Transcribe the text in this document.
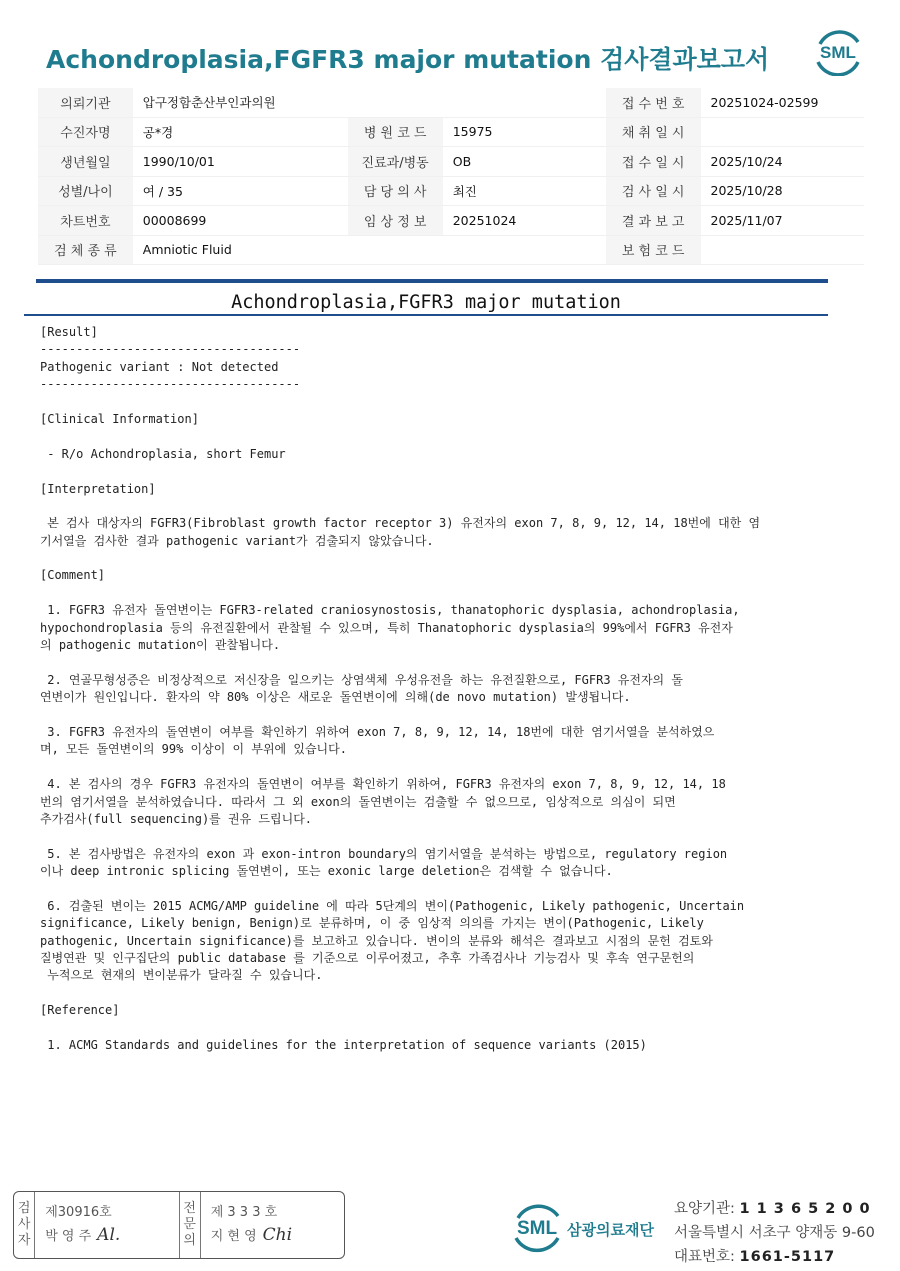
Achondroplasia,FGFR3 major mutation 검사결과보고서	SML
의뢰기관	압구정함춘산부인과의원			접 수 번 호	20251024-02599
수진자명	공*경	병 원 코 드	15975	채 취 일 시	
생년월일	1990/10/01	진료과/병동	OB	접 수 일 시	2025/10/24
성별/나이	여 / 35	담 당 의 사	최진	검 사 일 시	2025/10/28
차트번호	00008699	임 상 정 보	20251024	결 과 보 고	2025/11/07
검 체 종 류	Amniotic Fluid			보 험 코 드	
Achondroplasia,FGFR3 major mutation
[Result]
------------------------------------
Pathogenic variant : Not detected
------------------------------------
[Clinical Information]
- R/o Achondroplasia, short Femur
[Interpretation]
본 검사 대상자의 FGFR3(Fibroblast growth factor receptor 3) 유전자의 exon 7, 8, 9, 12, 14, 18번에 대한 염
기서열을 검사한 결과 pathogenic variant가 검출되지 않았습니다.
[Comment]
1. FGFR3 유전자 돌연변이는 FGFR3-related craniosynostosis, thanatophoric dysplasia, achondroplasia,
hypochondroplasia 등의 유전질환에서 관찰될 수 있으며, 특히 Thanatophoric dysplasia의 99%에서 FGFR3 유전자
의 pathogenic mutation이 관찰됩니다.
2. 연골무형성증은 비정상적으로 저신장을 일으키는 상염색체 우성유전을 하는 유전질환으로, FGFR3 유전자의 돌
연변이가 원인입니다. 환자의 약 80% 이상은 새로운 돌연변이에 의해(de novo mutation) 발생됩니다.
3. FGFR3 유전자의 돌연변이 여부를 확인하기 위하여 exon 7, 8, 9, 12, 14, 18번에 대한 염기서열을 분석하였으
며, 모든 돌연변이의 99% 이상이 이 부위에 있습니다.
4. 본 검사의 경우 FGFR3 유전자의 돌연변이 여부를 확인하기 위하여, FGFR3 유전자의 exon 7, 8, 9, 12, 14, 18
번의 염기서열을 분석하였습니다. 따라서 그 외 exon의 돌연변이는 검출할 수 없으므로, 임상적으로 의심이 되면
추가검사(full sequencing)를 권유 드립니다.
5. 본 검사방법은 유전자의 exon 과 exon-intron boundary의 염기서열을 분석하는 방법으로, regulatory region
이나 deep intronic splicing 돌연변이, 또는 exonic large deletion은 검색할 수 없습니다.
6. 검출된 변이는 2015 ACMG/AMP guideline 에 따라 5단계의 변이(Pathogenic, Likely pathogenic, Uncertain
significance, Likely benign, Benign)로 분류하며, 이 중 임상적 의의를 가지는 변이(Pathogenic, Likely
pathogenic, Uncertain significance)를 보고하고 있습니다. 변이의 분류와 해석은 결과보고 시점의 문헌 검토와
질병연관 및 인구집단의 public database 를 기준으로 이루어졌고, 추후 가족검사나 기능검사 및 후속 연구문헌의
누적으로 현재의 변이분류가 달라질 수 있습니다.
[Reference]
1. ACMG Standards and guidelines for the interpretation of sequence variants (2015)
검
사
자
제30916호
박 영 주 Al.
전
문
의
제 3 3 3 호
지 현 영 Chi	SML 삼광의료재단
요양기관: 1 1 3 6 5 2 0 0
서울특별시 서초구 양재동 9-60
대표번호: 1661-5117
